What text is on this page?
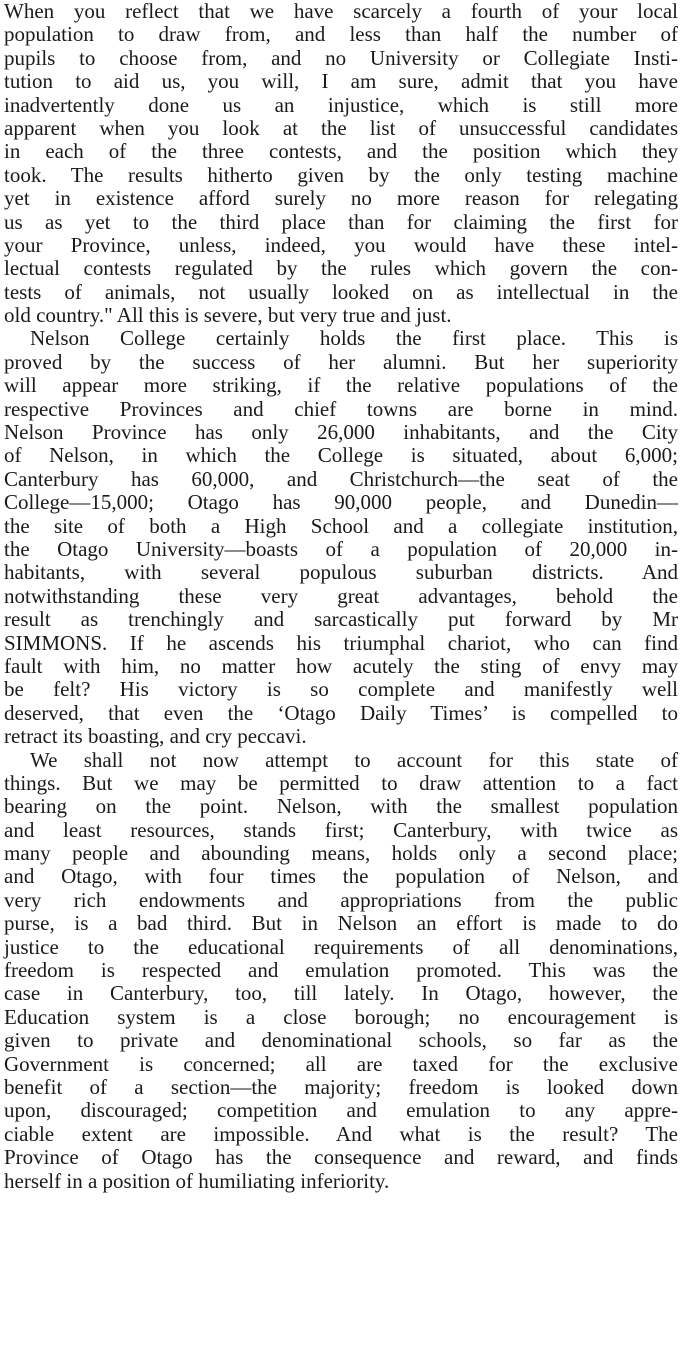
When you reflect that we have scarcely a fourth of your local
population to draw from, and less than half the number of
pupils to choose from, and no University or Collegiate Insti-
tution to aid us, you will, I am sure, admit that you have
inadvertently done us an injustice, which is still more
apparent when you look at the list of unsuccessful candidates
in each of the three contests, and the position which they
took. The results hitherto given by the only testing machine
yet in existence afford surely no more reason for relegating
us as yet to the third place than for claiming the first for
your Province, unless, indeed, you would have these intel-
lectual contests regulated by the rules which govern the con-
tests of animals, not usually looked on as intellectual in the
old country." All this is severe, but very true and just.
Nelson College certainly holds the first place. This is
proved by the success of her alumni. But her superiority
will appear more striking, if the relative populations of the
respective Provinces and chief towns are borne in mind.
Nelson Province has only 26,000 inhabitants, and the City
of Nelson, in which the College is situated, about 6,000;
Canterbury has 60,000, and Christchurch—the seat of the
College—15,000; Otago has 90,000 people, and Dunedin—
the site of both a High School and a collegiate institution,
the Otago University—boasts of a population of 20,000 in-
habitants, with several populous suburban districts. And
notwithstanding these very great advantages, behold the
result as trenchingly and sarcastically put forward by Mr
SIMMONS. If he ascends his triumphal chariot, who can find
fault with him, no matter how acutely the sting of envy may
be felt? His victory is so complete and manifestly well
deserved, that even the ‘Otago Daily Times’ is compelled to
retract its boasting, and cry peccavi.
We shall not now attempt to account for this state of
things. But we may be permitted to draw attention to a fact
bearing on the point. Nelson, with the smallest population
and least resources, stands first; Canterbury, with twice as
many people and abounding means, holds only a second place;
and Otago, with four times the population of Nelson, and
very rich endowments and appropriations from the public
purse, is a bad third. But in Nelson an effort is made to do
justice to the educational requirements of all denominations,
freedom is respected and emulation promoted. This was the
case in Canterbury, too, till lately. In Otago, however, the
Education system is a close borough; no encouragement is
given to private and denominational schools, so far as the
Government is concerned; all are taxed for the exclusive
benefit of a section—the majority; freedom is looked down
upon, discouraged; competition and emulation to any appre-
ciable extent are impossible. And what is the result? The
Province of Otago has the consequence and reward, and finds
herself in a position of humiliating inferiority.
